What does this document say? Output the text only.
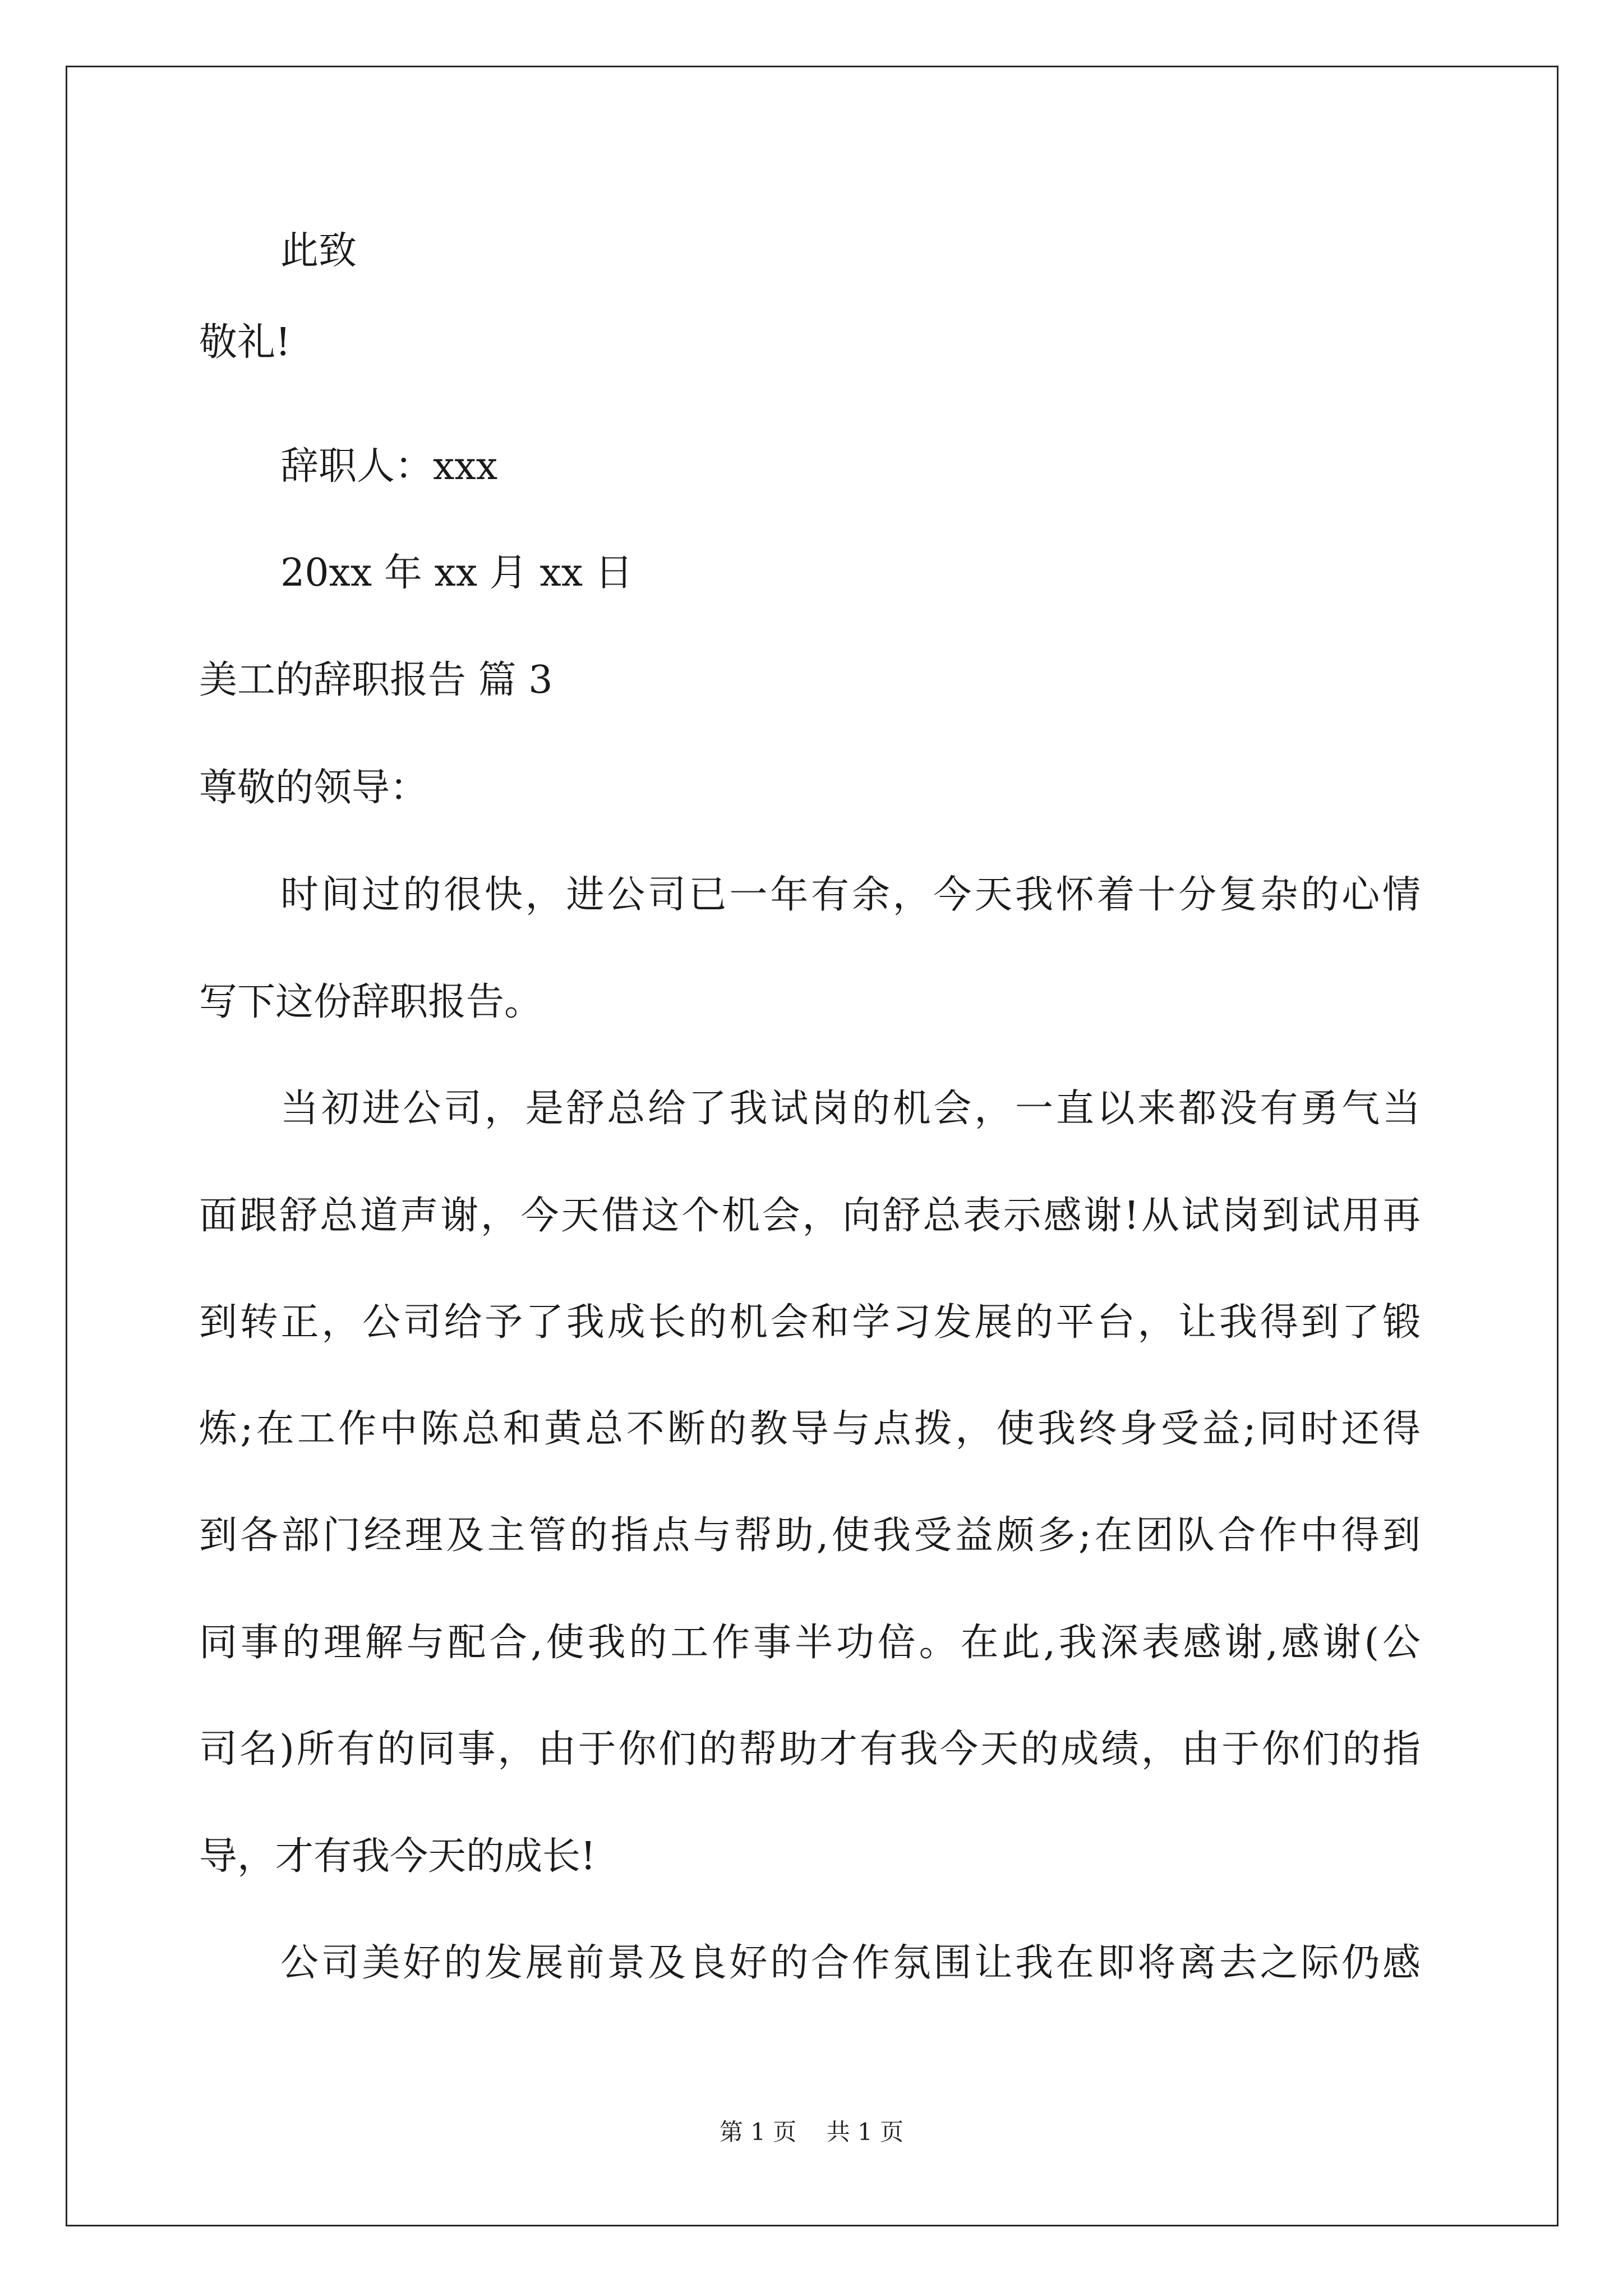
此致
敬礼!
辞职人：xxx
20xx 年 xx 月 xx 日
美工的辞职报告 篇 3
尊敬的领导：
时间过的很快，进公司已一年有余，今天我怀着十分复杂的心情
写下这份辞职报告。
当初进公司，是舒总给了我试岗的机会，一直以来都没有勇气当
面跟舒总道声谢，今天借这个机会，向舒总表示感谢!从试岗到试用再
到转正，公司给予了我成长的机会和学习发展的平台，让我得到了锻
炼;在工作中陈总和黄总不断的教导与点拨，使我终身受益;同时还得
到各部门经理及主管的指点与帮助,使我受益颇多;在团队合作中得到
同事的理解与配合,使我的工作事半功倍。在此,我深表感谢,感谢(公
司名)所有的同事，由于你们的帮助才有我今天的成绩，由于你们的指
导，才有我今天的成长!
公司美好的发展前景及良好的合作氛围让我在即将离去之际仍感
第 1 页    共 1 页
